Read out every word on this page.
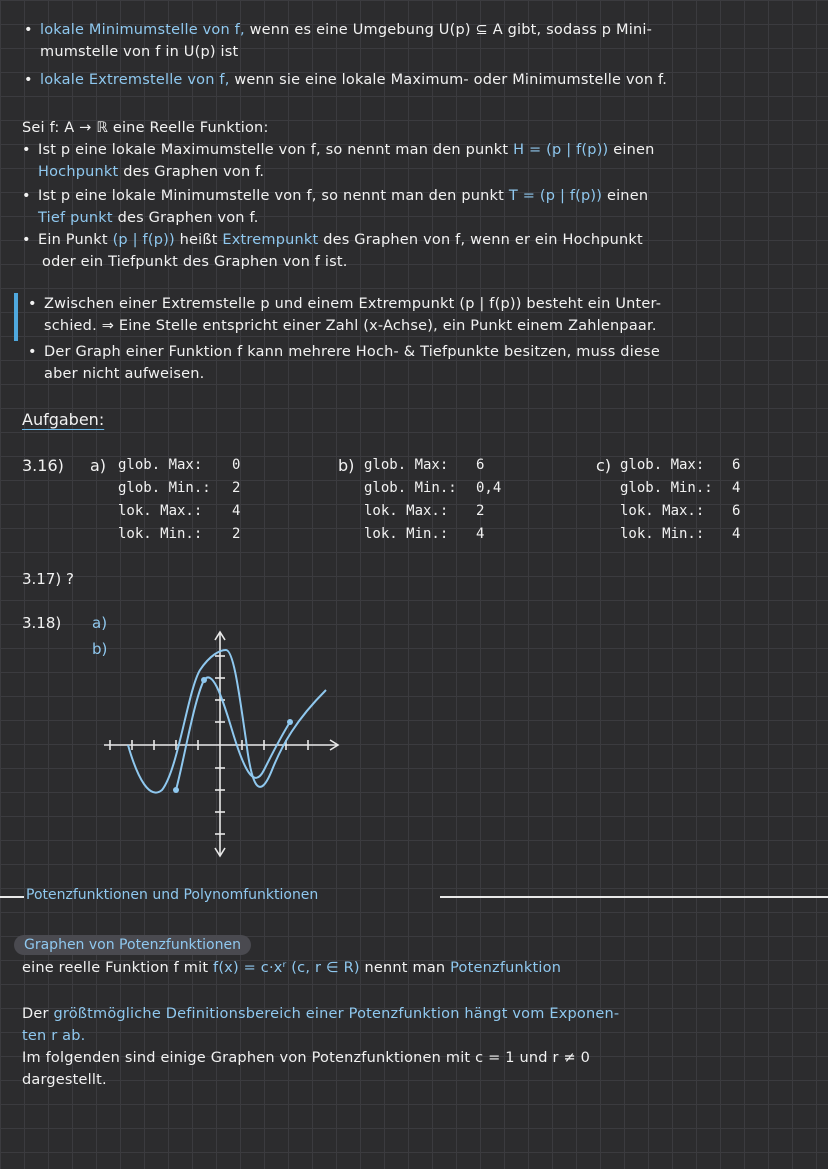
• lokale Minimumstelle von f, wenn es eine Umgebung U(p) ⊆ A gibt, sodass p Mini-
mumstelle von f in U(p) ist
• lokale Extremstelle von f, wenn sie eine lokale Maximum- oder Minimumstelle von f.
Sei f: A → ℝ eine Reelle Funktion:
• Ist p eine lokale Maximumstelle von f, so nennt man den punkt H = (p | f(p)) einen
Hochpunkt des Graphen von f.
• Ist p eine lokale Minimumstelle von f, so nennt man den punkt T = (p | f(p)) einen
Tief punkt des Graphen von f.
• Ein Punkt (p | f(p)) heißt Extrempunkt des Graphen von f, wenn er ein Hochpunkt
oder ein Tiefpunkt des Graphen von f ist.
• Zwischen einer Extremstelle p und einem Extrempunkt (p | f(p)) besteht ein Unter-
schied. ⇒ Eine Stelle entspricht einer Zahl (x-Achse), ein Punkt einem Zahlenpaar.
• Der Graph einer Funktion f kann mehrere Hoch- & Tiefpunkte besitzen, muss diese
aber nicht aufweisen.
Aufgaben:
3.16) a)	b)	c)
glob. Max: 0
glob. Min.: 2
lok. Max.: 4
lok. Min.: 2
glob. Max: 6
glob. Min.: 0,4
lok. Max.: 2
lok. Min.: 4
glob. Max: 6
glob. Min.: 4
lok. Max.: 6
lok. Min.: 4
3.17) ?
3.18) a)
b)
Potenzfunktionen und Polynomfunktionen
Graphen von Potenzfunktionen
eine reelle Funktion f mit f(x) = c·xʳ (c, r ∈ R) nennt man Potenzfunktion
Der größtmögliche Definitionsbereich einer Potenzfunktion hängt vom Exponen-
ten r ab.
Im folgenden sind einige Graphen von Potenzfunktionen mit c = 1 und r ≠ 0
dargestellt.
